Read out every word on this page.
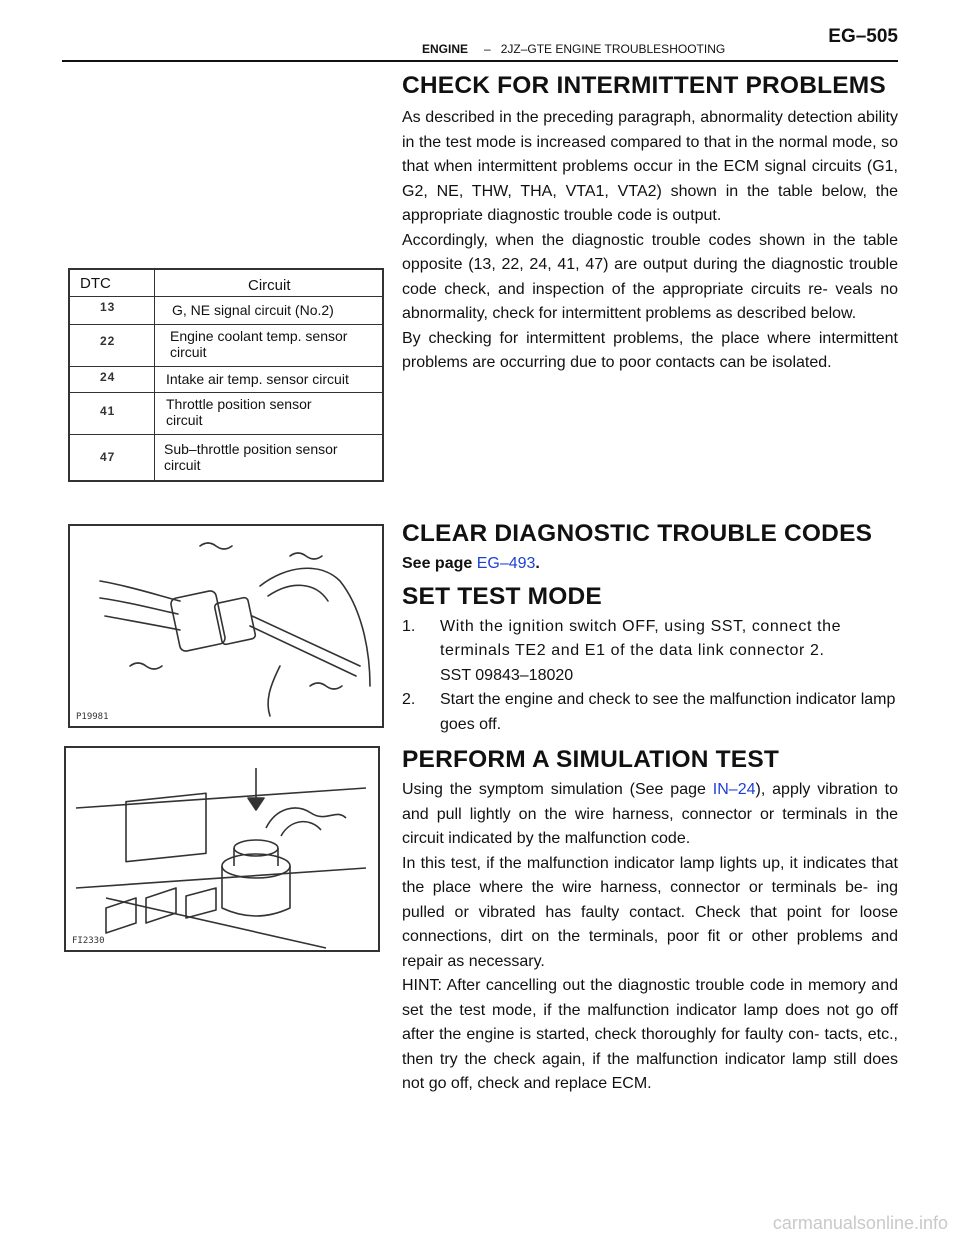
ENGINE – 2JZ–GTE ENGINE TROUBLESHOOTING
EG–505
CHECK FOR INTERMITTENT PROBLEMS

As described in the preceding paragraph, abnormality detection ability in the test mode is increased compared to that in the normal mode, so that when intermittent problems occur in the ECM signal circuits (G1, G2, NE, THW, THA, VTA1, VTA2) shown in the table below, the appropriate diagnostic trouble code is output.

Accordingly, when the diagnostic trouble codes shown in the table opposite (13, 22, 24, 41, 47) are output during the diagnostic trouble code check, and inspection of the appropriate circuits re- veals no abnormality, check for intermittent problems as described below.

By checking for intermittent problems, the place where intermittent problems are occurring due to poor contacts can be isolated.

DTC	Circuit
13	G, NE signal circuit (No.2)
22	Engine coolant temp. sensor circuit
24	Intake air temp. sensor circuit
41	Throttle position sensor circuit
47	Sub–throttle position sensor circuit
P19981
CLEAR DIAGNOSTIC TROUBLE CODES

See page EG–493.

SET TEST MODE
1. With the ignition switch OFF, using SST, connect the terminals TE2 and E1 of the data link connector 2.
SST 09843–18020
2. Start the engine and check to see the malfunction indicator lamp goes off.
FI2330
PERFORM A SIMULATION TEST

Using the symptom simulation (See page IN–24), apply vibration to and pull lightly on the wire harness, connector or terminals in the circuit indicated by the malfunction code.

In this test, if the malfunction indicator lamp lights up, it indicates that the place where the wire harness, connector or terminals be- ing pulled or vibrated has faulty contact. Check that point for loose connections, dirt on the terminals, poor fit or other problems and repair as necessary.

HINT: After cancelling out the diagnostic trouble code in memory and set the test mode, if the malfunction indicator lamp does not go off after the engine is started, check thoroughly for faulty con- tacts, etc., then try the check again, if the malfunction indicator lamp still does not go off, check and replace ECM.

carmanualsonline.info
